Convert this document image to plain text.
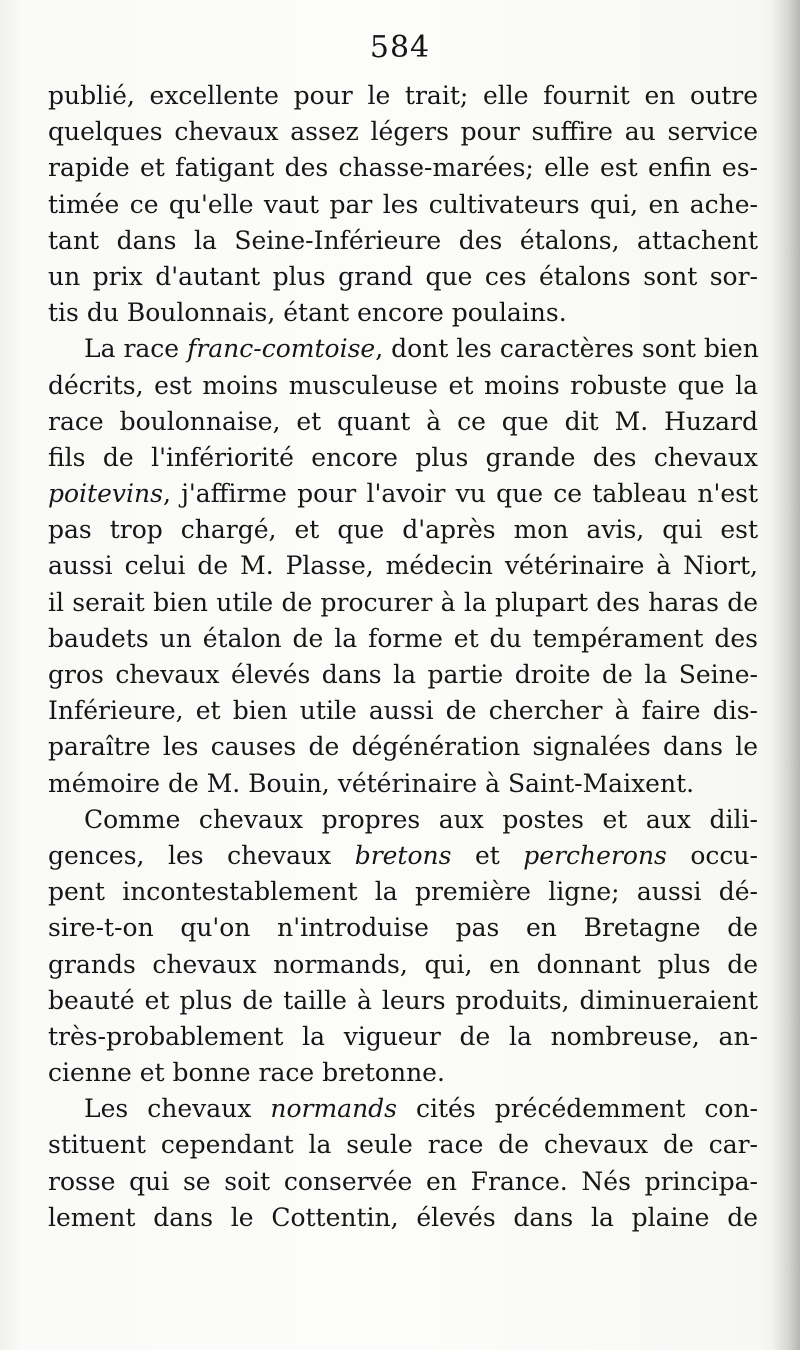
584
publié, excellente pour le trait; elle fournit en outre
quelques chevaux assez légers pour suffire au service
rapide et fatigant des chasse-marées; elle est enfin es-
timée ce qu'elle vaut par les cultivateurs qui, en ache-
tant dans la Seine-Inférieure des étalons, attachent
un prix d'autant plus grand que ces étalons sont sor-
tis du Boulonnais, étant encore poulains.
La race franc-comtoise, dont les caractères sont bien
décrits, est moins musculeuse et moins robuste que la
race boulonnaise, et quant à ce que dit M. Huzard
fils de l'infériorité encore plus grande des chevaux
poitevins, j'affirme pour l'avoir vu que ce tableau n'est
pas trop chargé, et que d'après mon avis, qui est
aussi celui de M. Plasse, médecin vétérinaire à Niort,
il serait bien utile de procurer à la plupart des haras de
baudets un étalon de la forme et du tempérament des
gros chevaux élevés dans la partie droite de la Seine-
Inférieure, et bien utile aussi de chercher à faire dis-
paraître les causes de dégénération signalées dans le
mémoire de M. Bouin, vétérinaire à Saint-Maixent.
Comme chevaux propres aux postes et aux dili-
gences, les chevaux bretons et percherons occu-
pent incontestablement la première ligne; aussi dé-
sire-t-on qu'on n'introduise pas en Bretagne de
grands chevaux normands, qui, en donnant plus de
beauté et plus de taille à leurs produits, diminueraient
très-probablement la vigueur de la nombreuse, an-
cienne et bonne race bretonne.
Les chevaux normands cités précédemment con-
stituent cependant la seule race de chevaux de car-
rosse qui se soit conservée en France. Nés principa-
lement dans le Cottentin, élevés dans la plaine de
